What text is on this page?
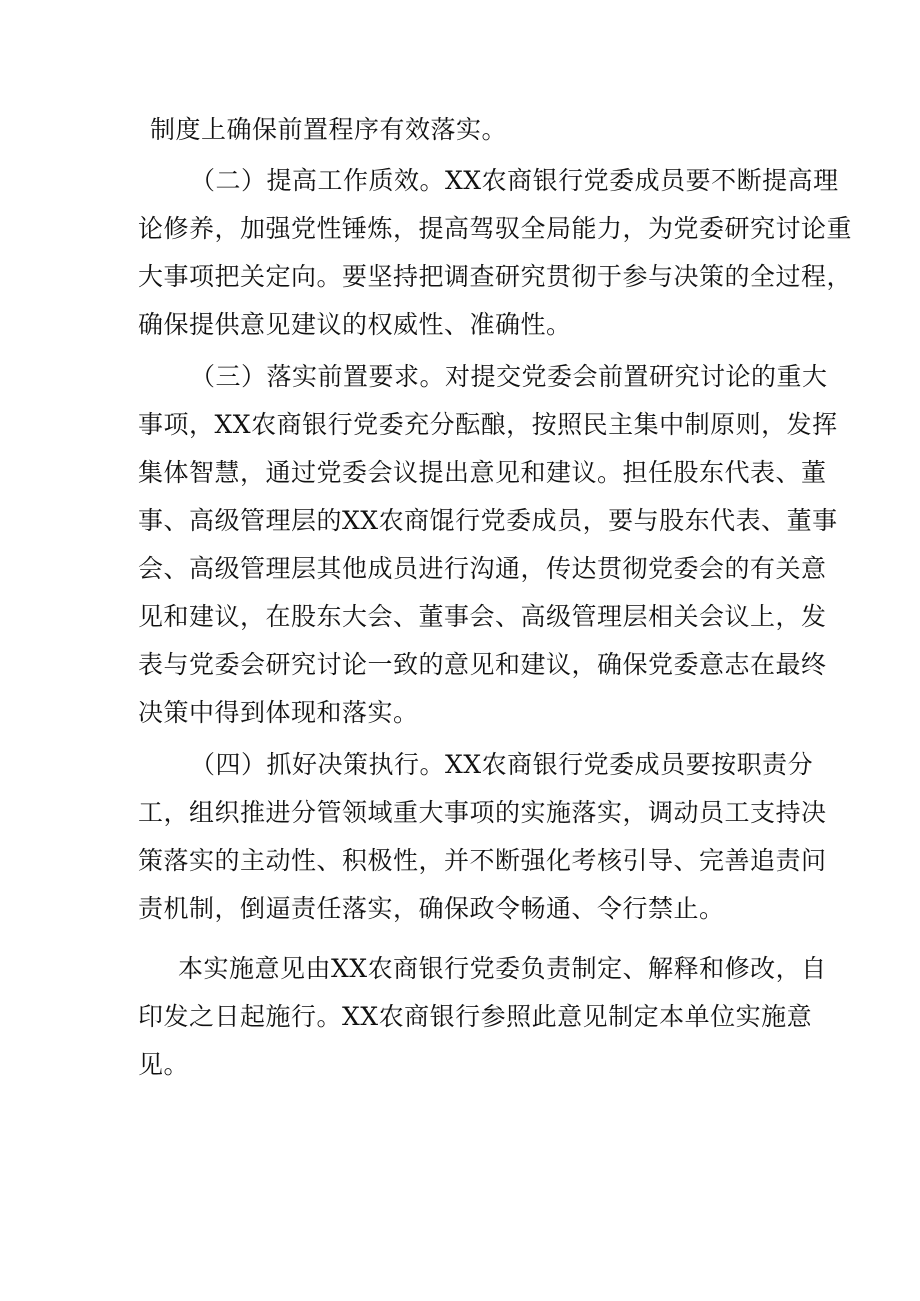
制度上确保前置程序有效落实。
（二）提高工作质效。XX农商银行党委成员要不断提高理
论修养，加强党性锤炼，提高驾驭全局能力，为党委研究讨论重
大事项把关定向。要坚持把调查研究贯彻于参与决策的全过程，
确保提供意见建议的权威性、准确性。
（三）落实前置要求。对提交党委会前置研究讨论的重大
事项，XX农商银行党委充分酝酿，按照民主集中制原则，发挥
集体智慧，通过党委会议提出意见和建议。担任股东代表、董
事、高级管理层的XX农商馄行党委成员，要与股东代表、董事
会、高级管理层其他成员进行沟通，传达贯彻党委会的有关意
见和建议，在股东大会、董事会、高级管理层相关会议上，发
表与党委会研究讨论一致的意见和建议，确保党委意志在最终
决策中得到体现和落实。
（四）抓好决策执行。XX农商银行党委成员要按职责分
工，组织推进分管领域重大事项的实施落实，调动员工支持决
策落实的主动性、积极性，并不断强化考核引导、完善追责问
责机制，倒逼责任落实，确保政令畅通、令行禁止。
本实施意见由XX农商银行党委负责制定、解释和修改，自
印发之日起施行。XX农商银行参照此意见制定本单位实施意
见。
